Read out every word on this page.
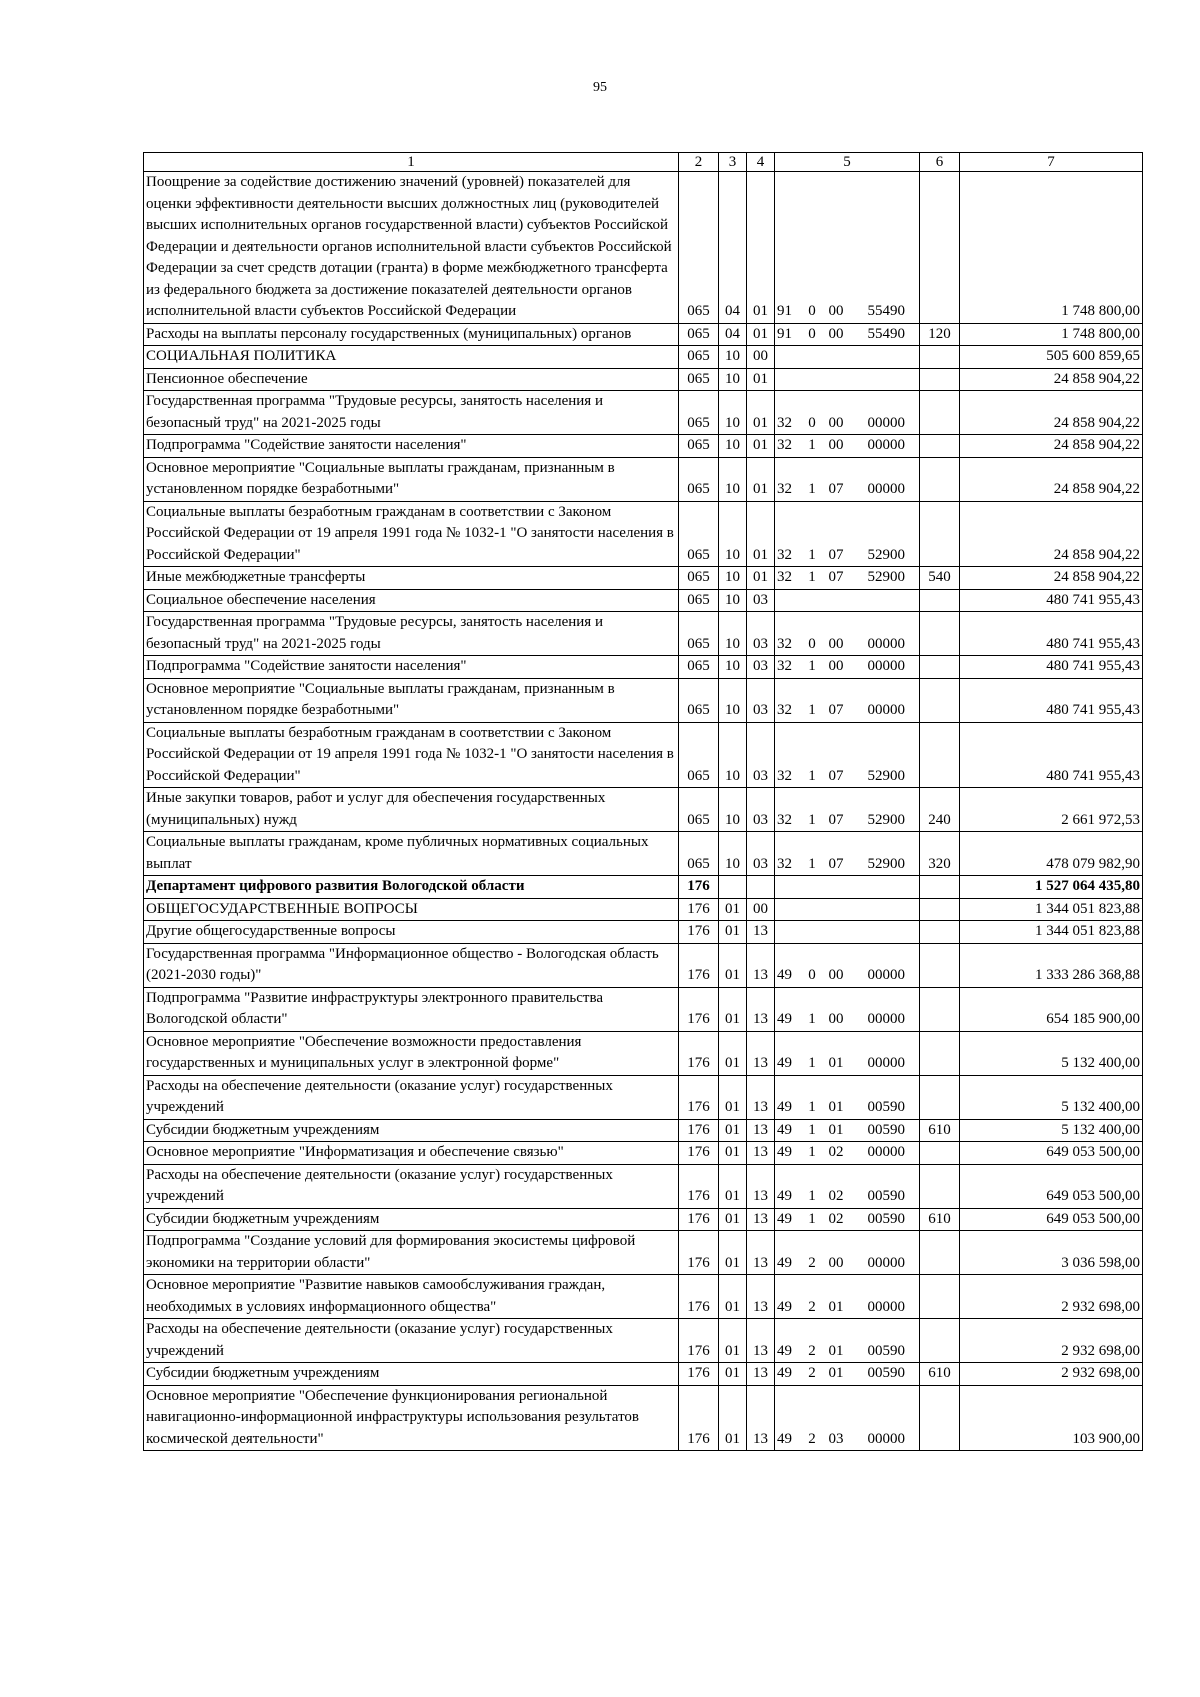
95
1	2	3	4	5	6	7
Поощрение за содействие достижению значений (уровней) показателей для оценки эффективности деятельности высших должностных лиц (руководителей высших исполнительных органов государственной власти) субъектов Российской Федерации и деятельности органов исполнительной власти субъектов Российской Федерации за счет средств дотации (гранта) в форме межбюджетного трансферта из федерального бюджета за достижение показателей деятельности органов исполнительной власти субъектов Российской Федерации	065	04	01	91 0 00 55490		1 748 800,00
Расходы на выплаты персоналу государственных (муниципальных) органов	065	04	01	91 0 00 55490	120	1 748 800,00
СОЦИАЛЬНАЯ ПОЛИТИКА	065	10	00			505 600 859,65
Пенсионное обеспечение	065	10	01			24 858 904,22
Государственная программа "Трудовые ресурсы, занятость населения и безопасный труд" на 2021-2025 годы	065	10	01	32 0 00 00000		24 858 904,22
Подпрограмма "Содействие занятости населения"	065	10	01	32 1 00 00000		24 858 904,22
Основное мероприятие "Социальные выплаты гражданам, признанным в установленном порядке безработными"	065	10	01	32 1 07 00000		24 858 904,22
Социальные выплаты безработным гражданам в соответствии с Законом Российской Федерации от 19 апреля 1991 года № 1032-1 "О занятости населения в Российской Федерации"	065	10	01	32 1 07 52900		24 858 904,22
Иные межбюджетные трансферты	065	10	01	32 1 07 52900	540	24 858 904,22
Социальное обеспечение населения	065	10	03			480 741 955,43
Государственная программа "Трудовые ресурсы, занятость населения и безопасный труд" на 2021-2025 годы	065	10	03	32 0 00 00000		480 741 955,43
Подпрограмма "Содействие занятости населения"	065	10	03	32 1 00 00000		480 741 955,43
Основное мероприятие "Социальные выплаты гражданам, признанным в установленном порядке безработными"	065	10	03	32 1 07 00000		480 741 955,43
Социальные выплаты безработным гражданам в соответствии с Законом Российской Федерации от 19 апреля 1991 года № 1032-1 "О занятости населения в Российской Федерации"	065	10	03	32 1 07 52900		480 741 955,43
Иные закупки товаров, работ и услуг для обеспечения государственных (муниципальных) нужд	065	10	03	32 1 07 52900	240	2 661 972,53
Социальные выплаты гражданам, кроме публичных нормативных социальных выплат	065	10	03	32 1 07 52900	320	478 079 982,90
Департамент цифрового развития Вологодской области	176					1 527 064 435,80
ОБЩЕГОСУДАРСТВЕННЫЕ ВОПРОСЫ	176	01	00			1 344 051 823,88
Другие общегосударственные вопросы	176	01	13			1 344 051 823,88
Государственная программа "Информационное общество - Вологодская область (2021-2030 годы)"	176	01	13	49 0 00 00000		1 333 286 368,88
Подпрограмма "Развитие инфраструктуры электронного правительства Вологодской области"	176	01	13	49 1 00 00000		654 185 900,00
Основное мероприятие "Обеспечение возможности предоставления государственных и муниципальных услуг в электронной форме"	176	01	13	49 1 01 00000		5 132 400,00
Расходы на обеспечение деятельности (оказание услуг) государственных учреждений	176	01	13	49 1 01 00590		5 132 400,00
Субсидии бюджетным учреждениям	176	01	13	49 1 01 00590	610	5 132 400,00
Основное мероприятие "Информатизация и обеспечение связью"	176	01	13	49 1 02 00000		649 053 500,00
Расходы на обеспечение деятельности (оказание услуг) государственных учреждений	176	01	13	49 1 02 00590		649 053 500,00
Субсидии бюджетным учреждениям	176	01	13	49 1 02 00590	610	649 053 500,00
Подпрограмма "Создание условий для формирования экосистемы цифровой экономики на территории области"	176	01	13	49 2 00 00000		3 036 598,00
Основное мероприятие "Развитие навыков самообслуживания граждан, необходимых в условиях информационного общества"	176	01	13	49 2 01 00000		2 932 698,00
Расходы на обеспечение деятельности (оказание услуг) государственных учреждений	176	01	13	49 2 01 00590		2 932 698,00
Субсидии бюджетным учреждениям	176	01	13	49 2 01 00590	610	2 932 698,00
Основное мероприятие "Обеспечение функционирования региональной навигационно-информационной инфраструктуры использования результатов космической деятельности"	176	01	13	49 2 03 00000		103 900,00
